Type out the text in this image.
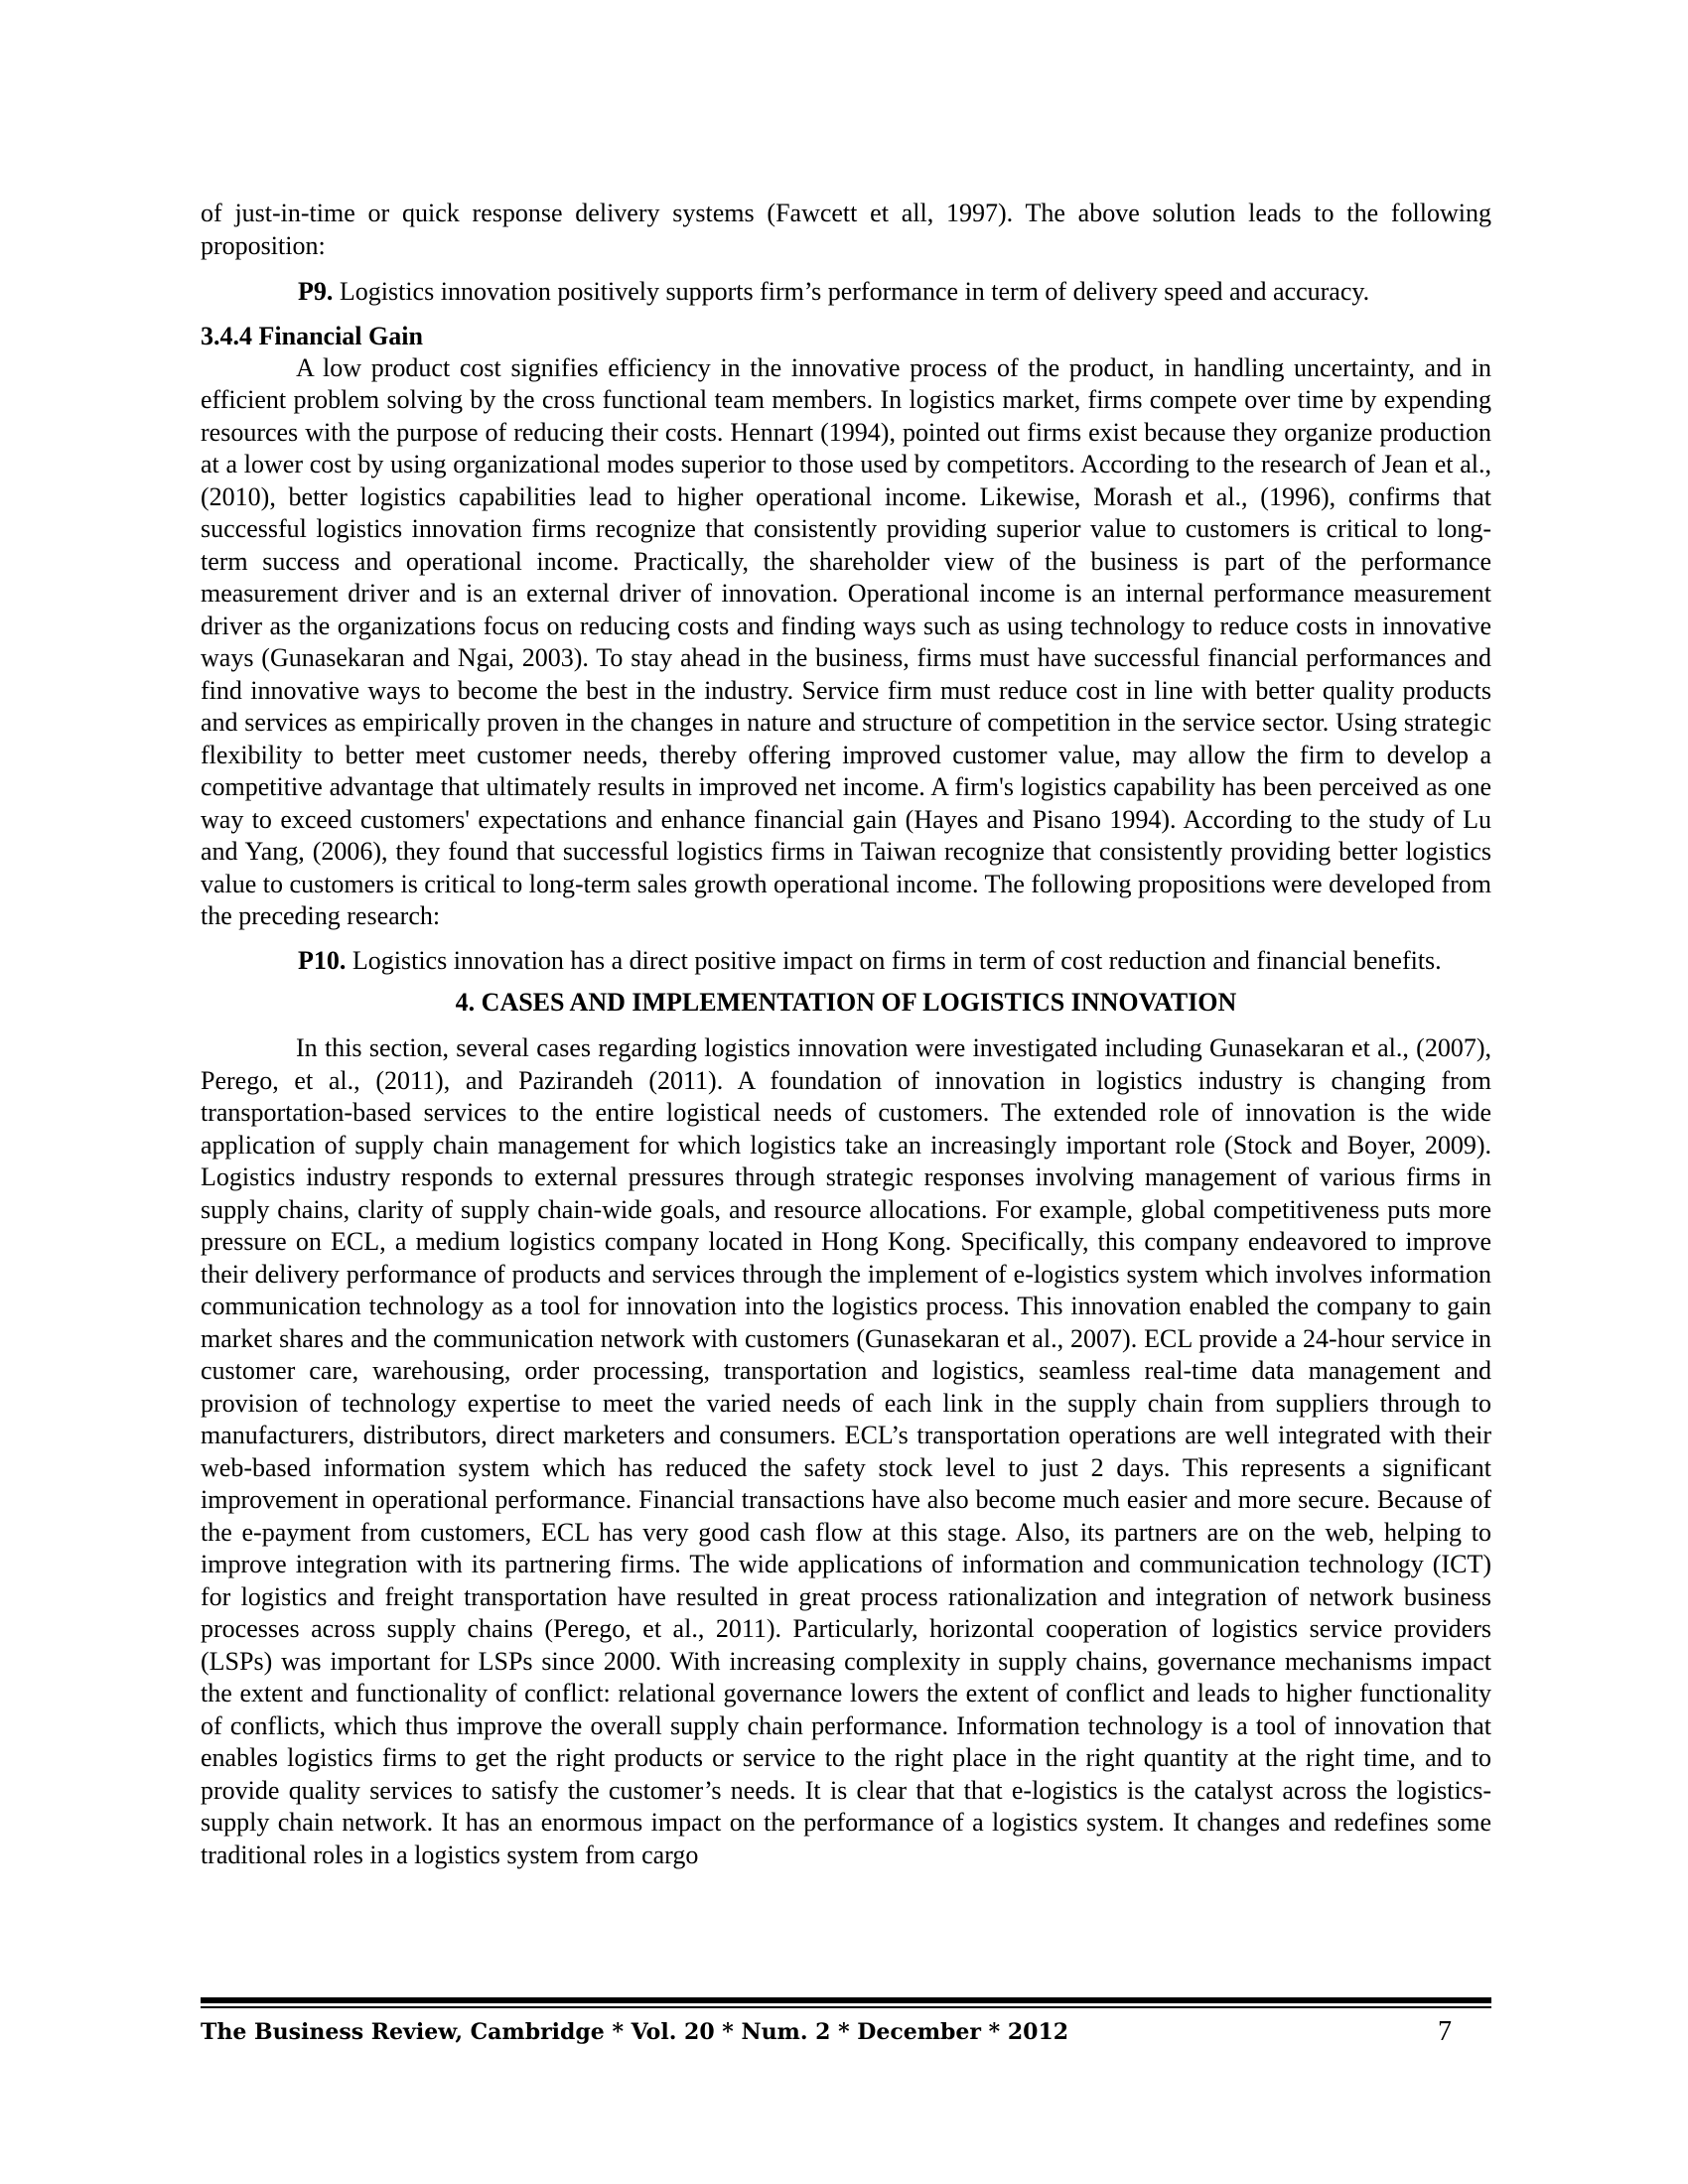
of just-in-time or quick response delivery systems (Fawcett et all, 1997). The above solution leads to the following proposition:

P9. Logistics innovation positively supports firm’s performance in term of delivery speed and accuracy.

3.4.4 Financial Gain

A low product cost signifies efficiency in the innovative process of the product, in handling uncertainty, and in efficient problem solving by the cross functional team members. In logistics market, firms compete over time by expending resources with the purpose of reducing their costs. Hennart (1994), pointed out firms exist because they organize production at a lower cost by using organizational modes superior to those used by competitors. According to the research of Jean et al., (2010), better logistics capabilities lead to higher operational income. Likewise, Morash et al., (1996), confirms that successful logistics innovation firms recognize that consistently providing superior value to customers is critical to long-term success and operational income. Practically, the shareholder view of the business is part of the performance measurement driver and is an external driver of innovation. Operational income is an internal performance measurement driver as the organizations focus on reducing costs and finding ways such as using technology to reduce costs in innovative ways (Gunasekaran and Ngai, 2003). To stay ahead in the business, firms must have successful financial performances and find innovative ways to become the best in the industry. Service firm must reduce cost in line with better quality products and services as empirically proven in the changes in nature and structure of competition in the service sector. Using strategic flexibility to better meet customer needs, thereby offering improved customer value, may allow the firm to develop a competitive advantage that ultimately results in improved net income. A firm's logistics capability has been perceived as one way to exceed customers' expectations and enhance financial gain (Hayes and Pisano 1994). According to the study of Lu and Yang, (2006), they found that successful logistics firms in Taiwan recognize that consistently providing better logistics value to customers is critical to long-term sales growth operational income. The following propositions were developed from the preceding research:

P10. Logistics innovation has a direct positive impact on firms in term of cost reduction and financial benefits.

4. CASES AND IMPLEMENTATION OF LOGISTICS INNOVATION

In this section, several cases regarding logistics innovation were investigated including Gunasekaran et al., (2007), Perego, et al., (2011), and Pazirandeh (2011). A foundation of innovation in logistics industry is changing from transportation-based services to the entire logistical needs of customers. The extended role of innovation is the wide application of supply chain management for which logistics take an increasingly important role (Stock and Boyer, 2009). Logistics industry responds to external pressures through strategic responses involving management of various firms in supply chains, clarity of supply chain-wide goals, and resource allocations. For example, global competitiveness puts more pressure on ECL, a medium logistics company located in Hong Kong. Specifically, this company endeavored to improve their delivery performance of products and services through the implement of e-logistics system which involves information communication technology as a tool for innovation into the logistics process. This innovation enabled the company to gain market shares and the communication network with customers (Gunasekaran et al., 2007). ECL provide a 24-hour service in customer care, warehousing, order processing, transportation and logistics, seamless real-time data management and provision of technology expertise to meet the varied needs of each link in the supply chain from suppliers through to manufacturers, distributors, direct marketers and consumers. ECL’s transportation operations are well integrated with their web-based information system which has reduced the safety stock level to just 2 days. This represents a significant improvement in operational performance. Financial transactions have also become much easier and more secure. Because of the e-payment from customers, ECL has very good cash flow at this stage. Also, its partners are on the web, helping to improve integration with its partnering firms. The wide applications of information and communication technology (ICT) for logistics and freight transportation have resulted in great process rationalization and integration of network business processes across supply chains (Perego, et al., 2011). Particularly, horizontal cooperation of logistics service providers (LSPs) was important for LSPs since 2000. With increasing complexity in supply chains, governance mechanisms impact the extent and functionality of conflict: relational governance lowers the extent of conflict and leads to higher functionality of conflicts, which thus improve the overall supply chain performance. Information technology is a tool of innovation that enables logistics firms to get the right products or service to the right place in the right quantity at the right time, and to provide quality services to satisfy the customer’s needs. It is clear that that e-logistics is the catalyst across the logistics-supply chain network. It has an enormous impact on the performance of a logistics system. It changes and redefines some traditional roles in a logistics system from cargo

The Business Review, Cambridge * Vol. 20 * Num. 2 * December * 2012	7
